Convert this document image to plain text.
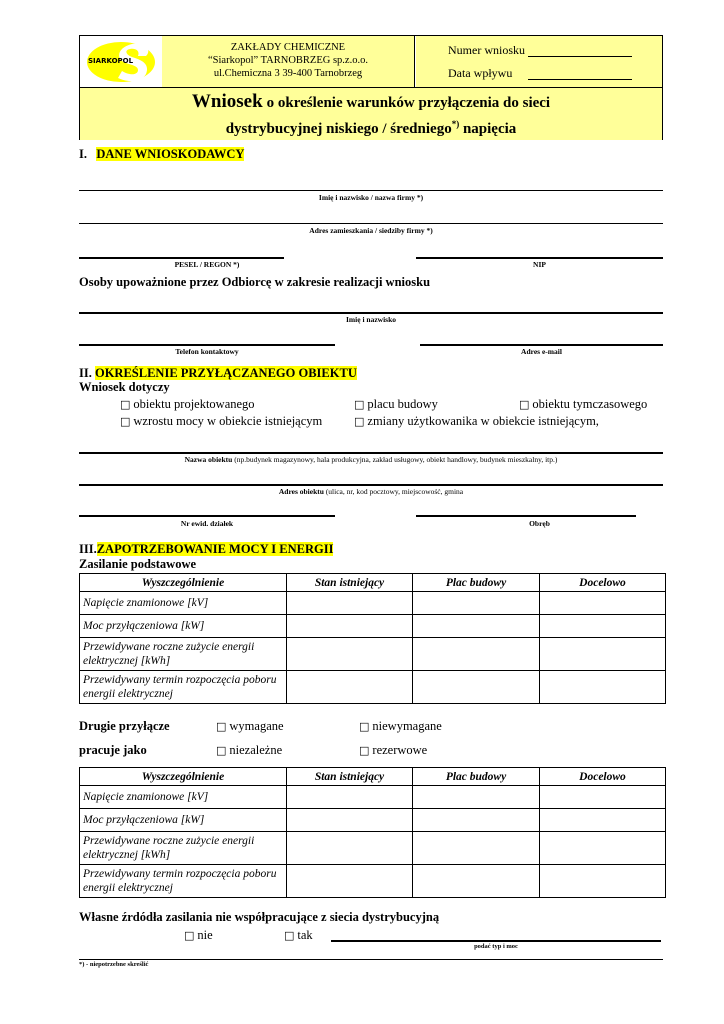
SIARKOPOL
ZAKŁADY CHEMICZNE
“Siarkopol” TARNOBRZEG sp.z.o.o.
ul.Chemiczna 3 39-400 Tarnobrzeg
Numer wniosku
Data wpływu
Wniosek o określenie warunków przyłączenia do sieci
dystrybucyjnej niskiego / średniego*) napięcia
I. DANE WNIOSKODAWCY
Imię i nazwisko / nazwa firmy *)
Adres zamieszkania / siedziby firmy *)
PESEL / REGON *)	NIP
Osoby upoważnione przez Odbiorcę w zakresie realizacji wniosku
Imię i nazwisko
Telefon kontaktowy	Adres e-mail
II. OKREŚLENIE PRZYŁĄCZANEGO OBIEKTU
Wniosek dotyczy
□ obiektu projektowanego	□ placu budowy	□ obiektu tymczasowego
□ wzrostu mocy w obiekcie istniejącym	□ zmiany użytkowanika w obiekcie istniejącym,
Nazwa obiektu (np.budynek magazynowy, hala produkcyjna, zakład usługowy, obiekt handlowy, budynek mieszkalny, itp.)
Adres obiektu (ulica, nr, kod pocztowy, miejscowość, gmina
Nr ewid. działek	Obręb
III.ZAPOTRZEBOWANIE MOCY I ENERGII
Zasilanie podstawowe
Wyszczególnienie	Stan istniejący	Plac budowy	Docelowo
Napięcie znamionowe [kV]			
Moc przyłączeniowa [kW]			
Przewidywane roczne zużycie energii elektrycznej [kWh]			
Przewidywany termin rozpoczęcia poboru energii elektrycznej			
Drugie przyłącze	□ wymagane	□ niewymagane
pracuje jako	□ niezależne	□ rezerwowe
Wyszczególnienie	Stan istniejący	Plac budowy	Docelowo
Napięcie znamionowe [kV]			
Moc przyłączeniowa [kW]			
Przewidywane roczne zużycie energii elektrycznej [kWh]			
Przewidywany termin rozpoczęcia poboru energii elektrycznej			
Własne źrdódła zasilania nie współpracujące z siecia dystrybucyjną
□ nie	□ tak
podać typ i moc
*) - niepotrzebne skreślić
